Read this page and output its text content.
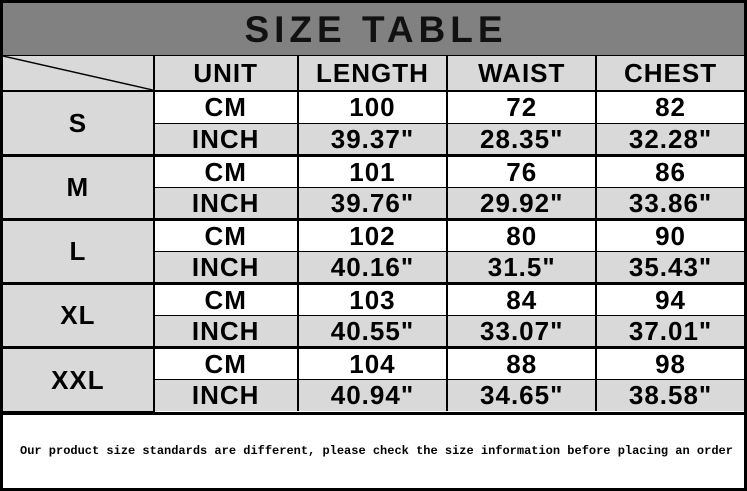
SIZE TABLE
	UNIT	LENGTH	WAIST	CHEST
S	CM	100	72	82
	INCH	39.37"	28.35"	32.28"
M	CM	101	76	86
	INCH	39.76"	29.92"	33.86"
L	CM	102	80	90
	INCH	40.16"	31.5"	35.43"
XL	CM	103	84	94
	INCH	40.55"	33.07"	37.01"
XXL	CM	104	88	98
	INCH	40.94"	34.65"	38.58"
Our product size standards are different, please check the size information before placing an order
